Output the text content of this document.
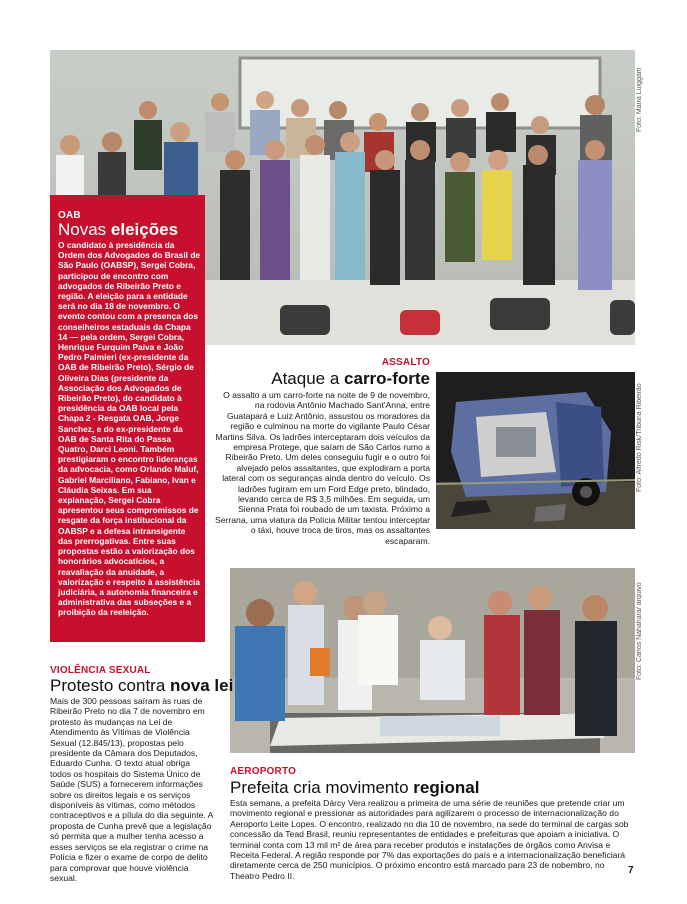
Foto: Maíra Luiggam
OAB
Novas eleições
O candidato à presidência da Ordem dos Advogados do Brasil de São Paulo (OABSP), Sergei Cobra, participou de encontro com advogados de Ribeirão Preto e região. A eleição para a entidade será no dia 18 de novembro. O evento contou com a presença dos conselheiros estaduais da Chapa 14 — pela ordem, Sergei Cobra, Henrique Furquim Paiva e João Pedro Palmieri (ex-presidente da OAB de Ribeirão Preto), Sérgio de Oliveira Dias (presidente da Associação dos Advogados de Ribeirão Preto), do candidato à presidência da OAB local pela Chapa 2 - Resgata OAB, Jorge Sanchez, e do ex-presidente da OAB de Santa Rita do Passa Quatro, Darci Leoni. Também prestigiaram o encontro lideranças da advocacia, como Orlando Maluf, Gabriel Marciliano, Fabiano, Ivan e Cláudia Seixas. Em sua explanação, Sergei Cobra apresentou seus compromissos de resgate da força institucional da OABSP e a defesa intransigente das prerrogativas. Entre suas propostas estão a valorização dos honorários advocatícios, a reavaliação da anuidade, a valorização e respeito à assistência judiciária, a autonomia financeira e administrativa das subseções e a proibição da reeleição.
ASSALTO
Ataque a carro-forte
O assalto a um carro-forte na noite de 9 de novembro, na rodovia Antônio Machado Sant'Anna, entre Guatapará e Luiz Antônio, assustou os moradores da região e culminou na morte do vigilante Paulo César Martins Silva. Os ladrões interceptaram dois veículos da empresa Protege, que saíam de São Carlos rumo a Ribeirão Preto. Um deles conseguiu fugir e o outro foi alvejado pelos assaltantes, que explodiram a porta lateral com os seguranças ainda dentro do veículo. Os ladrões fugiram em um Ford Edge preto, blindado, levando cerca de R$ 3,5 milhões. Em seguida, um Sienna Prata foi roubado de um taxista. Próximo a Serrana, uma viatura da Polícia Militar tentou interceptar o táxi, houve troca de tiros, mas os assaltantes escaparam.
Foto: Alfredo Risk/Tribuna Ribeirão
Foto: Carlos Nahahara/ arquivo
VIOLÊNCIA SEXUAL
Protesto contra nova lei
Mais de 300 pessoas saíram às ruas de Ribeirão Preto no dia 7 de novembro em protesto às mudanças na Lei de Atendimento às Vítimas de Violência Sexual (12.845/13), propostas pelo presidente da Câmara dos Deputados, Eduardo Cunha. O texto atual obriga todos os hospitais do Sistema Único de Saúde (SUS) a fornecerem informações sobre os direitos legais e os serviços disponíveis às vítimas, como métodos contraceptivos e a pílula do dia seguinte. A proposta de Cunha prevê que a legislação só permita que a mulher tenha acesso a esses serviços se ela registrar o crime na Polícia e fizer o exame de corpo de delito para comprovar que houve violência sexual.
AEROPORTO
Prefeita cria movimento regional
Esta semana, a prefeita Dárcy Vera realizou a primeira de uma série de reuniões que pretende criar um movimento regional e pressionar as autoridades para agilizarem o processo de internacionalização do Aeroporto Leite Lopes. O encontro, realizado no dia 10 de novembro, na sede do terminal de cargas sob concessão da Tead Brasil, reuniu representantes de entidades e prefeituras que apoiam a iniciativa. O terminal conta com 13 mil m² de área para receber produtos e instalações de órgãos como Anvisa e Receita Federal. A região responde por 7% das exportações do país e a internacionalização beneficiará diretamente cerca de 250 municípios. O próximo encontro está marcado para 23 de nobembro, no Theatro Pedro II.	7
